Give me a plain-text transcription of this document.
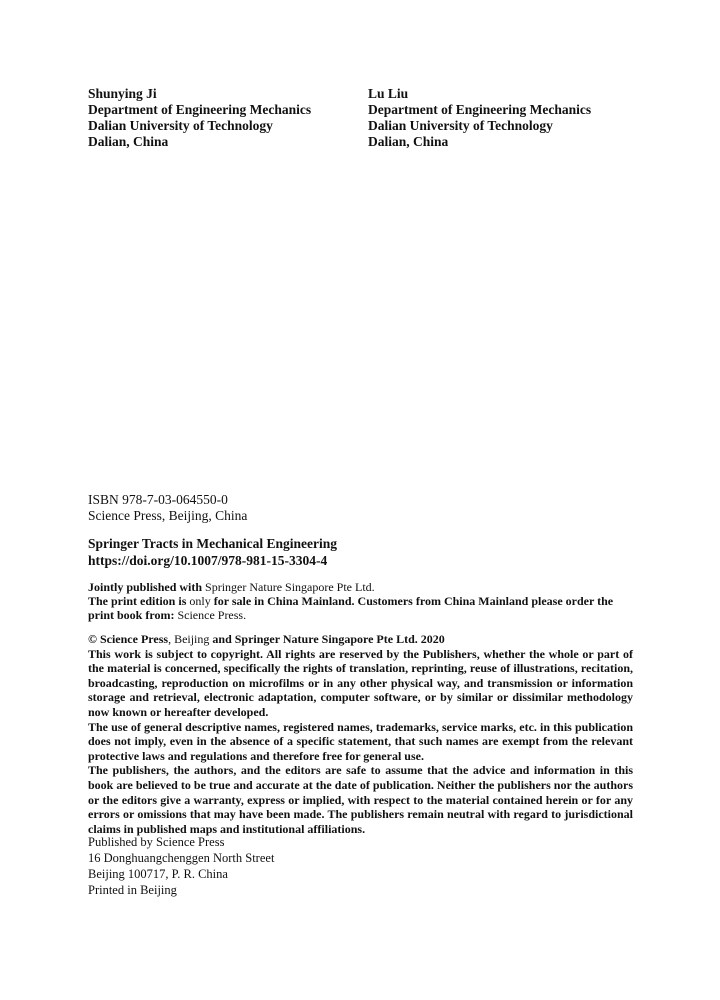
Shunying Ji
Department of Engineering Mechanics
Dalian University of Technology
Dalian, China
Lu Liu
Department of Engineering Mechanics
Dalian University of Technology
Dalian, China
ISBN 978-7-03-064550-0
Science Press, Beijing, China
Springer Tracts in Mechanical Engineering
https://doi.org/10.1007/978-981-15-3304-4
Jointly published with Springer Nature Singapore Pte Ltd.
The print edition is only for sale in China Mainland. Customers from China Mainland please order the print book from: Science Press.

© Science Press, Beijing and Springer Nature Singapore Pte Ltd. 2020

This work is subject to copyright. All rights are reserved by the Publishers, whether the whole or part of the material is concerned, specifically the rights of translation, reprinting, reuse of illustrations, recitation, broadcasting, reproduction on microfilms or in any other physical way, and transmission or information storage and retrieval, electronic adaptation, computer software, or by similar or dissimilar methodology now known or hereafter developed.

The use of general descriptive names, registered names, trademarks, service marks, etc. in this publication does not imply, even in the absence of a specific statement, that such names are exempt from the relevant protective laws and regulations and therefore free for general use.

The publishers, the authors, and the editors are safe to assume that the advice and information in this book are believed to be true and accurate at the date of publication. Neither the publishers nor the authors or the editors give a warranty, express or implied, with respect to the material contained herein or for any errors or omissions that may have been made. The publishers remain neutral with regard to jurisdictional claims in published maps and institutional affiliations.

Published by Science Press
16 Donghuangchenggen North Street
Beijing 100717, P. R. China
Printed in Beijing
